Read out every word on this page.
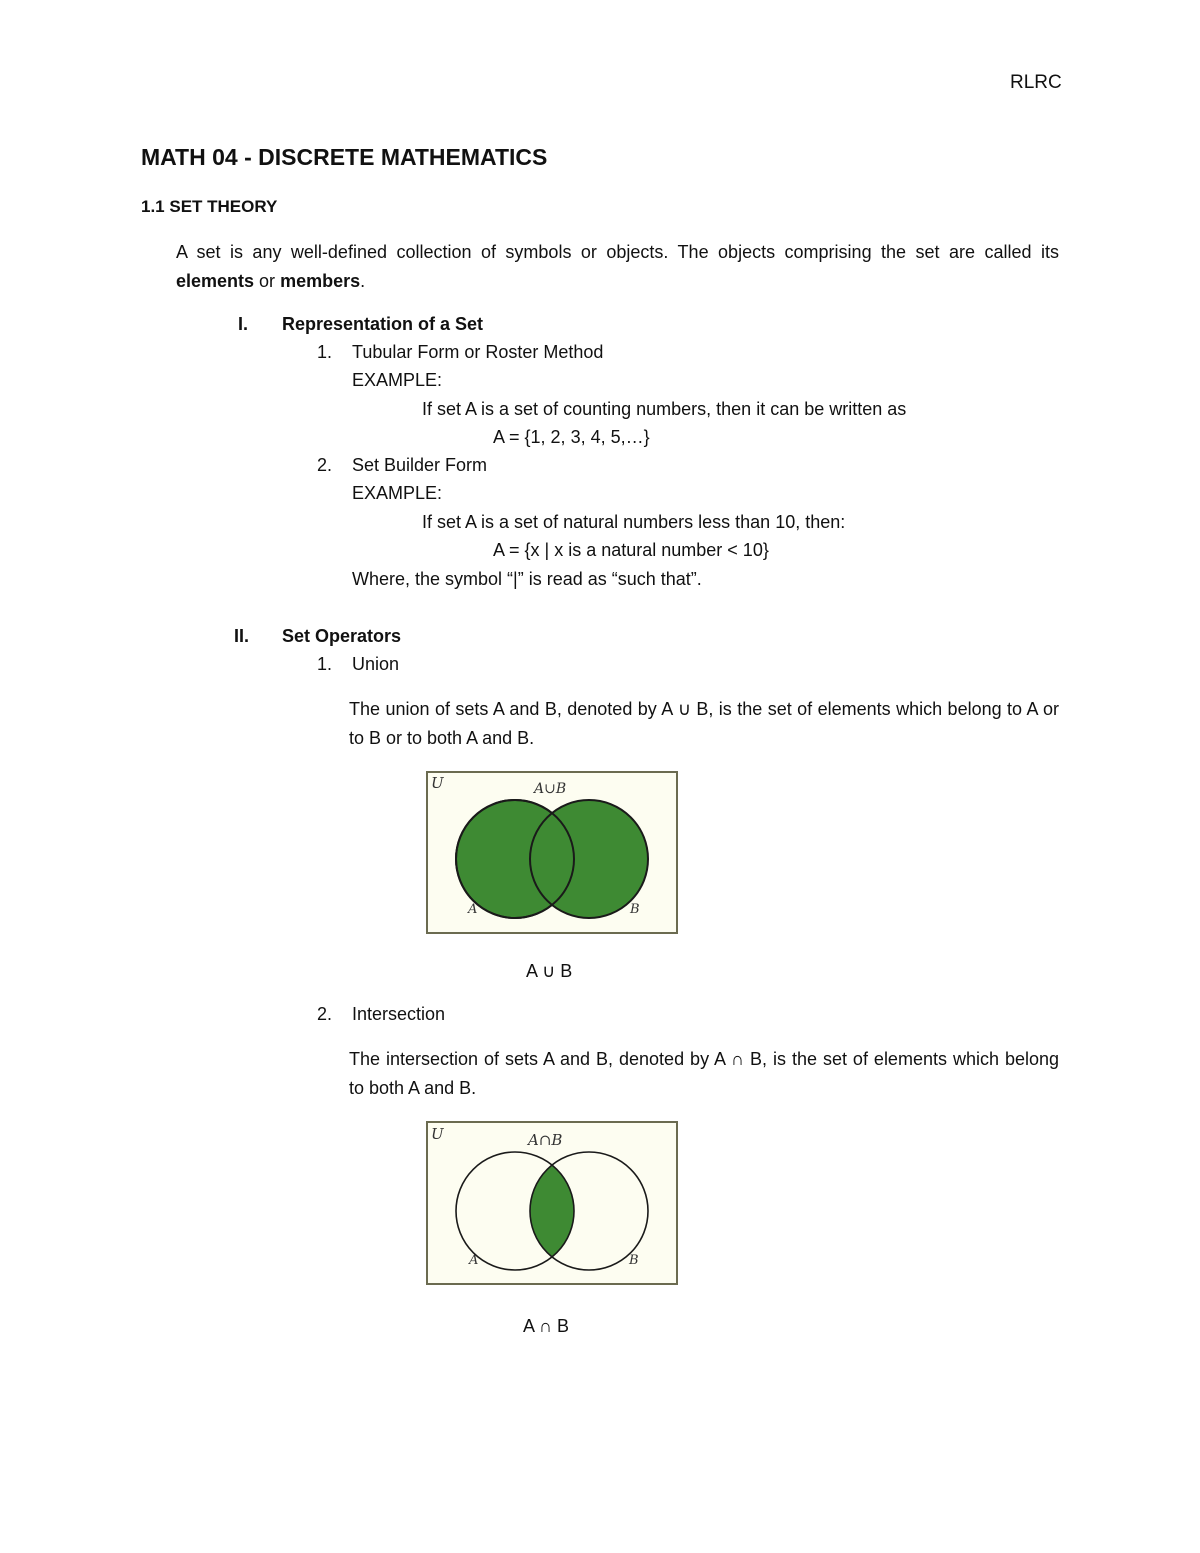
RLRC
MATH 04 - DISCRETE MATHEMATICS
1.1 SET THEORY
A set is any well-defined collection of symbols or objects. The objects comprising the set are called its elements or members.
I. Representation of a Set
1. Tubular Form or Roster Method
EXAMPLE:
If set A is a set of counting numbers, then it can be written as
A = {1, 2, 3, 4, 5,…}
2. Set Builder Form
EXAMPLE:
If set A is a set of natural numbers less than 10, then:
A = {x | x is a natural number < 10}
Where, the symbol “|” is read as “such that”.
II. Set Operators
1. Union
The union of sets A and B, denoted by A ∪ B, is the set of elements which belong to A or to B or to both A and B.
U	A∪B
A	B
A ∪ B
2. Intersection
The intersection of sets A and B, denoted by A ∩ B, is the set of elements which belong to both A and B.
U	A∩B
A	B
A ∩ B
